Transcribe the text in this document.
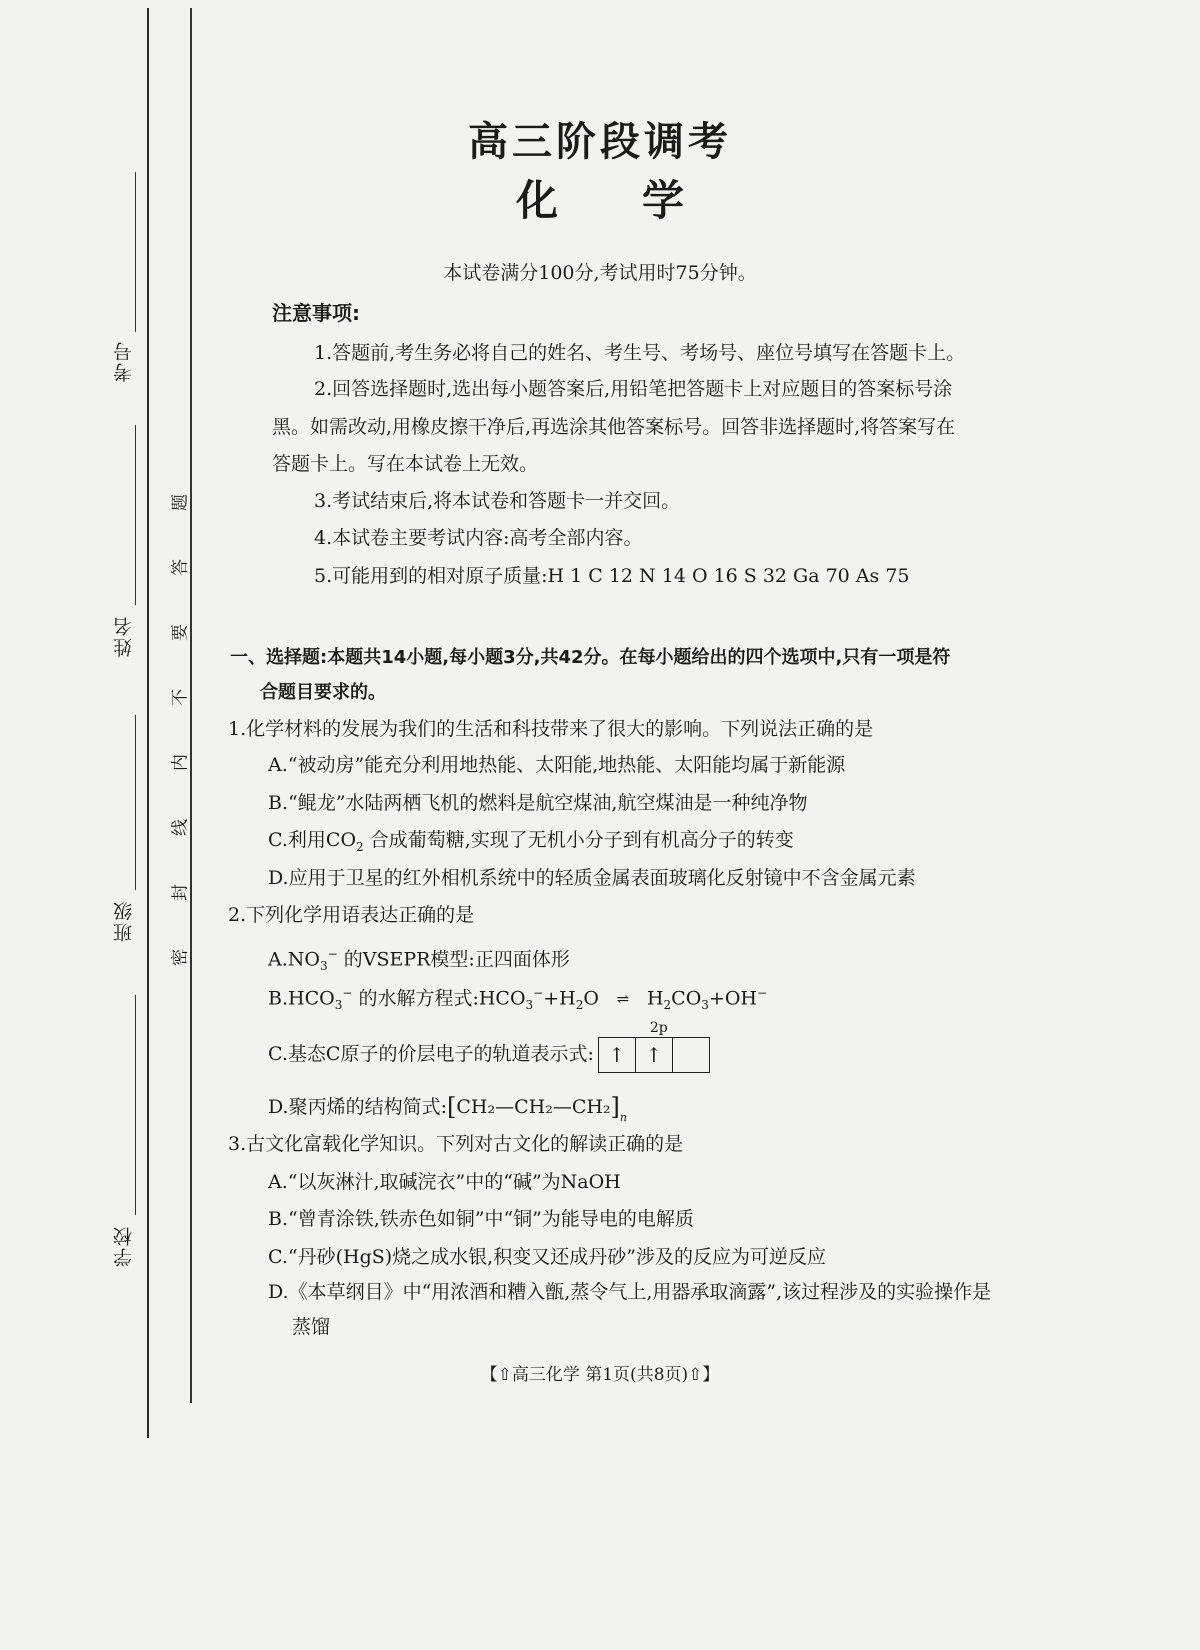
考号
姓名
班级
学校
题
答
要
不
内
线
封
密
高三阶段调考
化 学
本试卷满分100分,考试用时75分钟。
注意事项:

1.答题前,考生务必将自己的姓名、考生号、考场号、座位号填写在答题卡上。

2.回答选择题时,选出每小题答案后,用铅笔把答题卡上对应题目的答案标号涂

黑。如需改动,用橡皮擦干净后,再选涂其他答案标号。回答非选择题时,将答案写在

答题卡上。写在本试卷上无效。

3.考试结束后,将本试卷和答题卡一并交回。

4.本试卷主要考试内容:高考全部内容。

5.可能用到的相对原子质量:H 1 C 12 N 14 O 16 S 32 Ga 70 As 75

一、选择题:本题共14小题,每小题3分,共42分。在每小题给出的四个选项中,只有一项是符
合题目要求的。
1.化学材料的发展为我们的生活和科技带来了很大的影响。下列说法正确的是
A.“被动房”能充分利用地热能、太阳能,地热能、太阳能均属于新能源
B.“鲲龙”水陆两栖飞机的燃料是航空煤油,航空煤油是一种纯净物
C.利用$CO_2$ 合成葡萄糖,实现了无机小分子到有机高分子的转变
D.应用于卫星的红外相机系统中的轻质金属表面玻璃化反射镜中不含金属元素
2.下列化学用语表达正确的是
$A.NO_3^-$ 的VSEPR模型:正四面体形
$B.HCO_3^-$ 的水解方程式$:HCO_3^-+H_2O$ ⇌ $H_2CO_3+OH^-$
C.基态C原子的价层电子的轨道表示式:
2p
↑	↑
D.聚丙烯的结构简式$:[CH_2—CH_2—CH_2]_n$
3.古文化富载化学知识。下列对古文化的解读正确的是
A.“以灰淋汁,取碱浣衣”中的“碱”为NaOH
B.“曾青涂铁,铁赤色如铜”中“铜”为能导电的电解质
C.“丹砂(HgS)烧之成水银,积变又还成丹砂”涉及的反应为可逆反应
D.《本草纲目》中“用浓酒和糟入甑,蒸令气上,用器承取滴露”,该过程涉及的实验操作是
蒸馏
【⇧高三化学 第1页(共8页)⇧】
